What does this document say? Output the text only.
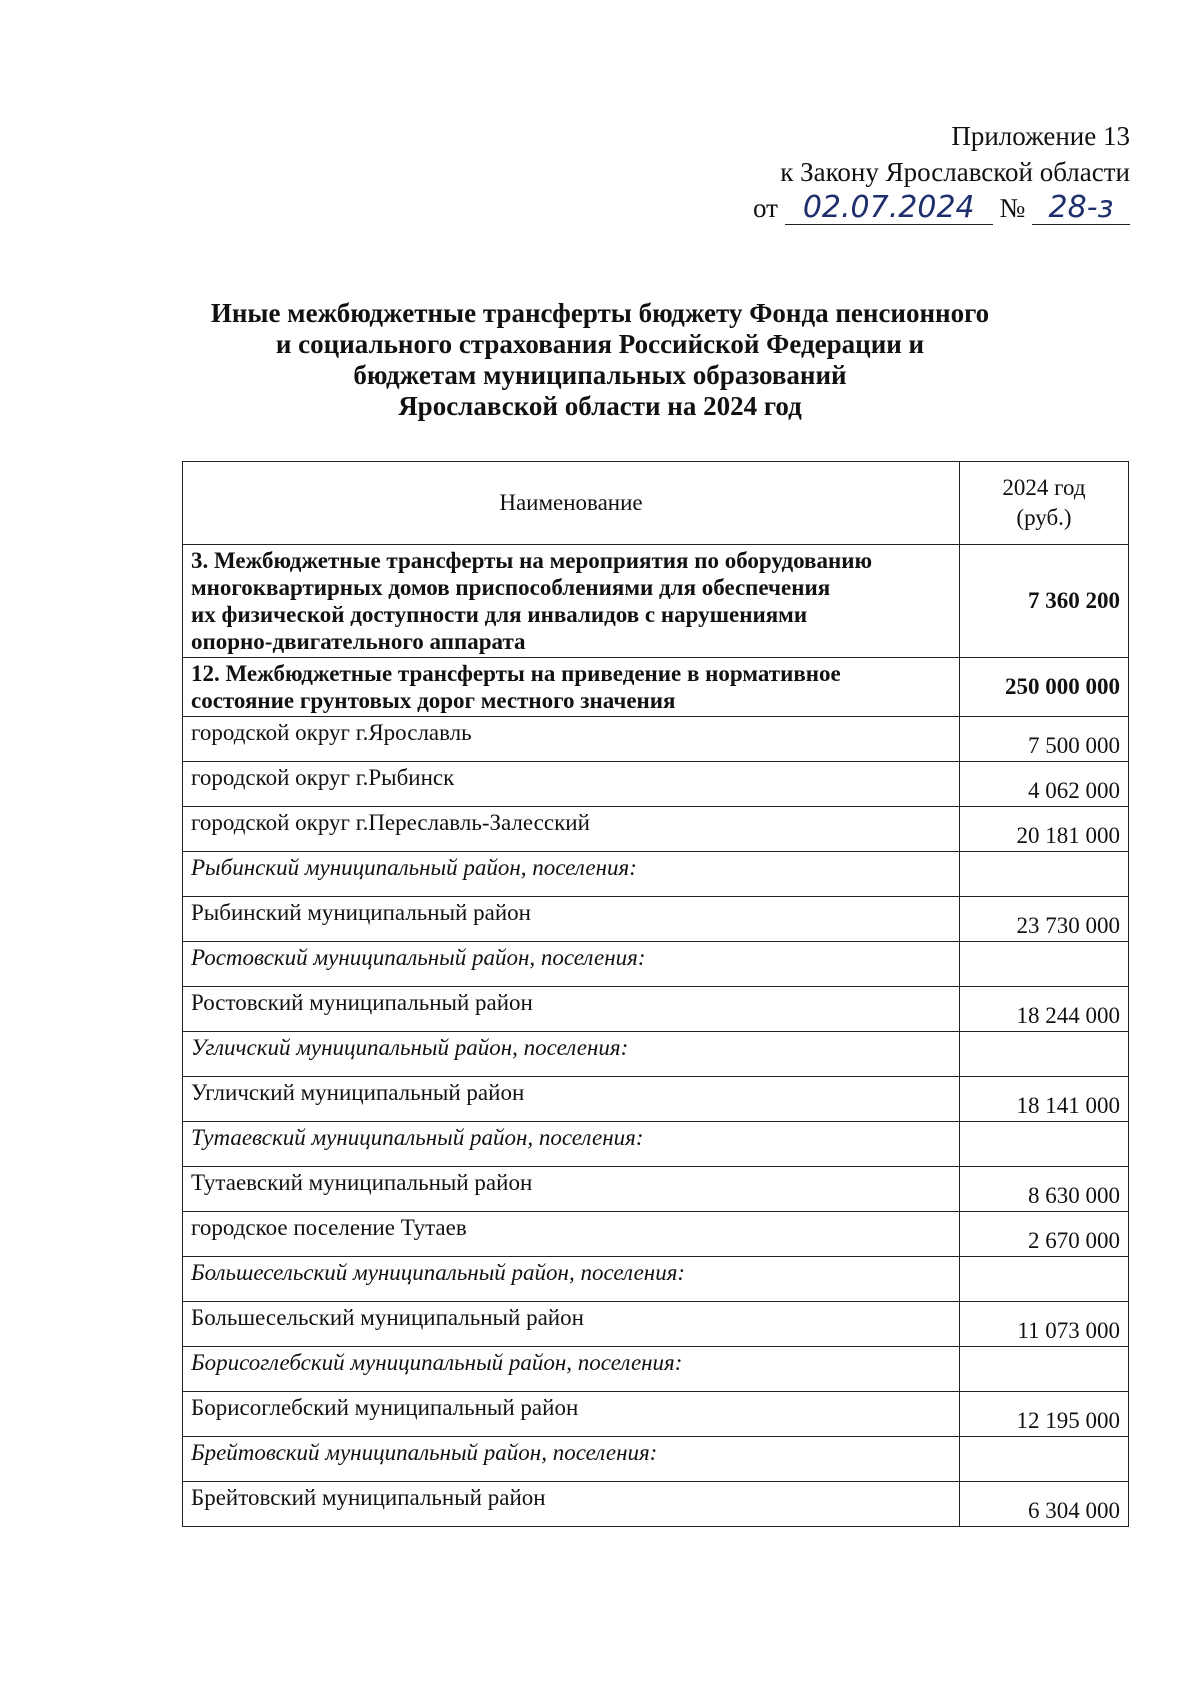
Приложение 13
к Закону Ярославской области
от 02.07.2024 № 28-з
Иные межбюджетные трансферты бюджету Фонда пенсионного
и социального страхования Российской Федерации и
бюджетам муниципальных образований
Ярославской области на 2024 год
Наименование	2024 год
(руб.)

3. Межбюджетные трансферты на мероприятия по оборудованию
многоквартирных домов приспособлениями для обеспечения
их физической доступности для инвалидов с нарушениями
опорно-двигательного аппарата	7 360 200

12. Межбюджетные трансферты на приведение в нормативное
состояние грунтовых дорог местного значения	250 000 000
городской округ г.Ярославль	7 500 000
городской округ г.Рыбинск	4 062 000
городской округ г.Переславль-Залесский	20 181 000
Рыбинский муниципальный район, поселения:	
Рыбинский муниципальный район	23 730 000
Ростовский муниципальный район, поселения:	
Ростовский муниципальный район	18 244 000
Угличский муниципальный район, поселения:	
Угличский муниципальный район	18 141 000
Тутаевский муниципальный район, поселения:	
Тутаевский муниципальный район	8 630 000
городское поселение Тутаев	2 670 000
Большесельский муниципальный район, поселения:	
Большесельский муниципальный район	11 073 000
Борисоглебский муниципальный район, поселения:	
Борисоглебский муниципальный район	12 195 000
Брейтовский муниципальный район, поселения:	
Брейтовский муниципальный район	6 304 000
